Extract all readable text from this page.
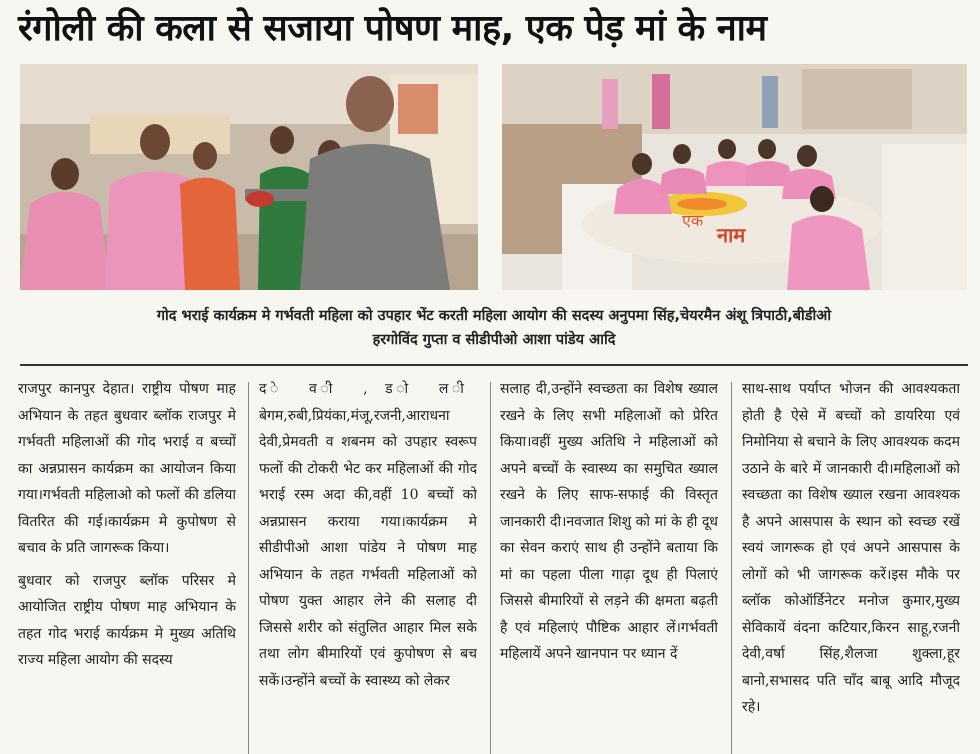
रंगोली की कला से सजाया पोषण माह, एक पेड़ मां के नाम
एक
नाम
गोद भराई कार्यक्रम मे गर्भवती महिला को उपहार भेंट करती महिला आयोग की सदस्य अनुपमा सिंह,चेयरमैन अंशू त्रिपाठी,बीडीओ
हरगोविंद गुप्ता व सीडीपीओ आशा पांडेय आदि

राजपुर कानपुर देहात। राष्ट्रीय पोषण माह अभियान के तहत बुधवार ब्लॉक राजपुर मे गर्भवती महिलाओं की गोद भराई व बच्चों का अन्नप्रासन कार्यक्रम का आयोजन किया गया।गर्भवती महिलाओ को फलों की डलिया वितरित की गई।कार्यक्रम मे कुपोषण से बचाव के प्रति जागरूक किया।

बुधवार को राजपुर ब्लॉक परिसर मे आयोजित राष्ट्रीय पोषण माह अभियान के तहत गोद भराई कार्यक्रम मे मुख्य अतिथि राज्य महिला आयोग की सदस्य

द े व ी , ड ो ल ी बेगम,रुबी,प्रियंका,मंजू,रजनी,आराधना देवी,प्रेमवती व शबनम को उपहार स्वरूप फलों की टोकरी भेट कर महिलाओं की गोद भराई रस्म अदा की,वहीं 10 बच्चों को अन्नप्रासन कराया गया।कार्यक्रम मे सीडीपीओ आशा पांडेय ने पोषण माह अभियान के तहत गर्भवती महिलाओं को पोषण युक्त आहार लेने की सलाह दी जिससे शरीर को संतुलित आहार मिल सके तथा लोग बीमारियों एवं कुपोषण से बच सकें।उन्होंने बच्चों के स्वास्थ्य को लेकर

सलाह दी,उन्होंने स्वच्छता का विशेष ख्याल रखने के लिए सभी महिलाओं को प्रेरित किया।वहीं मुख्य अतिथि ने महिलाओं को अपने बच्चों के स्वास्थ्य का समुचित ख्याल रखने के लिए साफ-सफाई की विस्तृत जानकारी दी।नवजात शिशु को मां के ही दूध का सेवन कराएं साथ ही उन्होंने बताया कि मां का पहला पीला गाढ़ा दूध ही पिलाएं जिससे बीमारियों से लड़ने की क्षमता बढ़ती है एवं महिलाएं पौष्टिक आहार लें।गर्भवती महिलायें अपने खानपान पर ध्यान दें

साथ-साथ पर्याप्त भोजन की आवश्यकता होती है ऐसे में बच्चों को डायरिया एवं निमोनिया से बचाने के लिए आवश्यक कदम उठाने के बारे में जानकारी दी।महिलाओं को स्वच्छता का विशेष ख्याल रखना आवश्यक है अपने आसपास के स्थान को स्वच्छ रखें स्वयं जागरूक हो एवं अपने आसपास के लोगों को भी जागरूक करें।इस मौके पर ब्लॉक कोऑर्डिनेटर मनोज कुमार,मुख्य सेविकायें वंदना कटियार,किरन साहू,रजनी देवी,वर्षा सिंह,शैलजा शुक्ला,हूर बानो,सभासद पति चाँद बाबू आदि मौजूद रहे।
